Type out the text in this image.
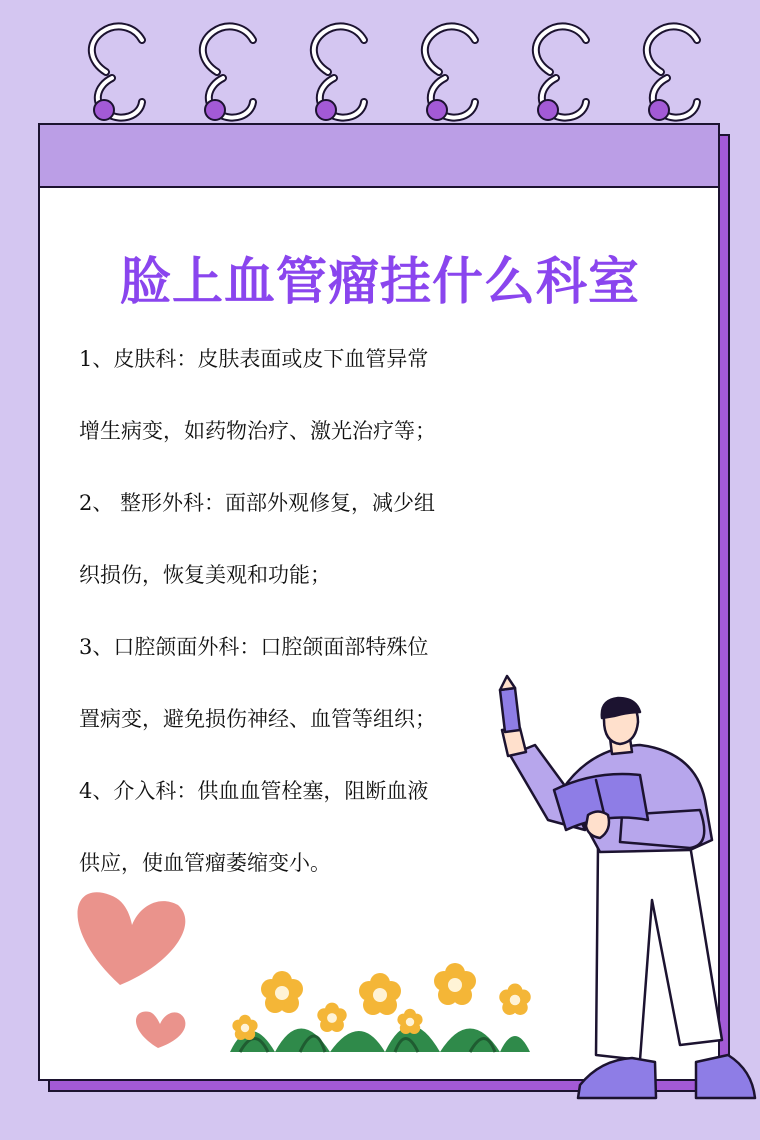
脸上血管瘤挂什么科室
1、皮肤科：皮肤表面或皮下血管异常
增生病变，如药物治疗、激光治疗等；
2、 整形外科：面部外观修复，减少组
织损伤，恢复美观和功能；
3、口腔颌面外科：口腔颌面部特殊位
置病变，避免损伤神经、血管等组织；
4、介入科：供血血管栓塞，阻断血液
供应，使血管瘤萎缩变小。
